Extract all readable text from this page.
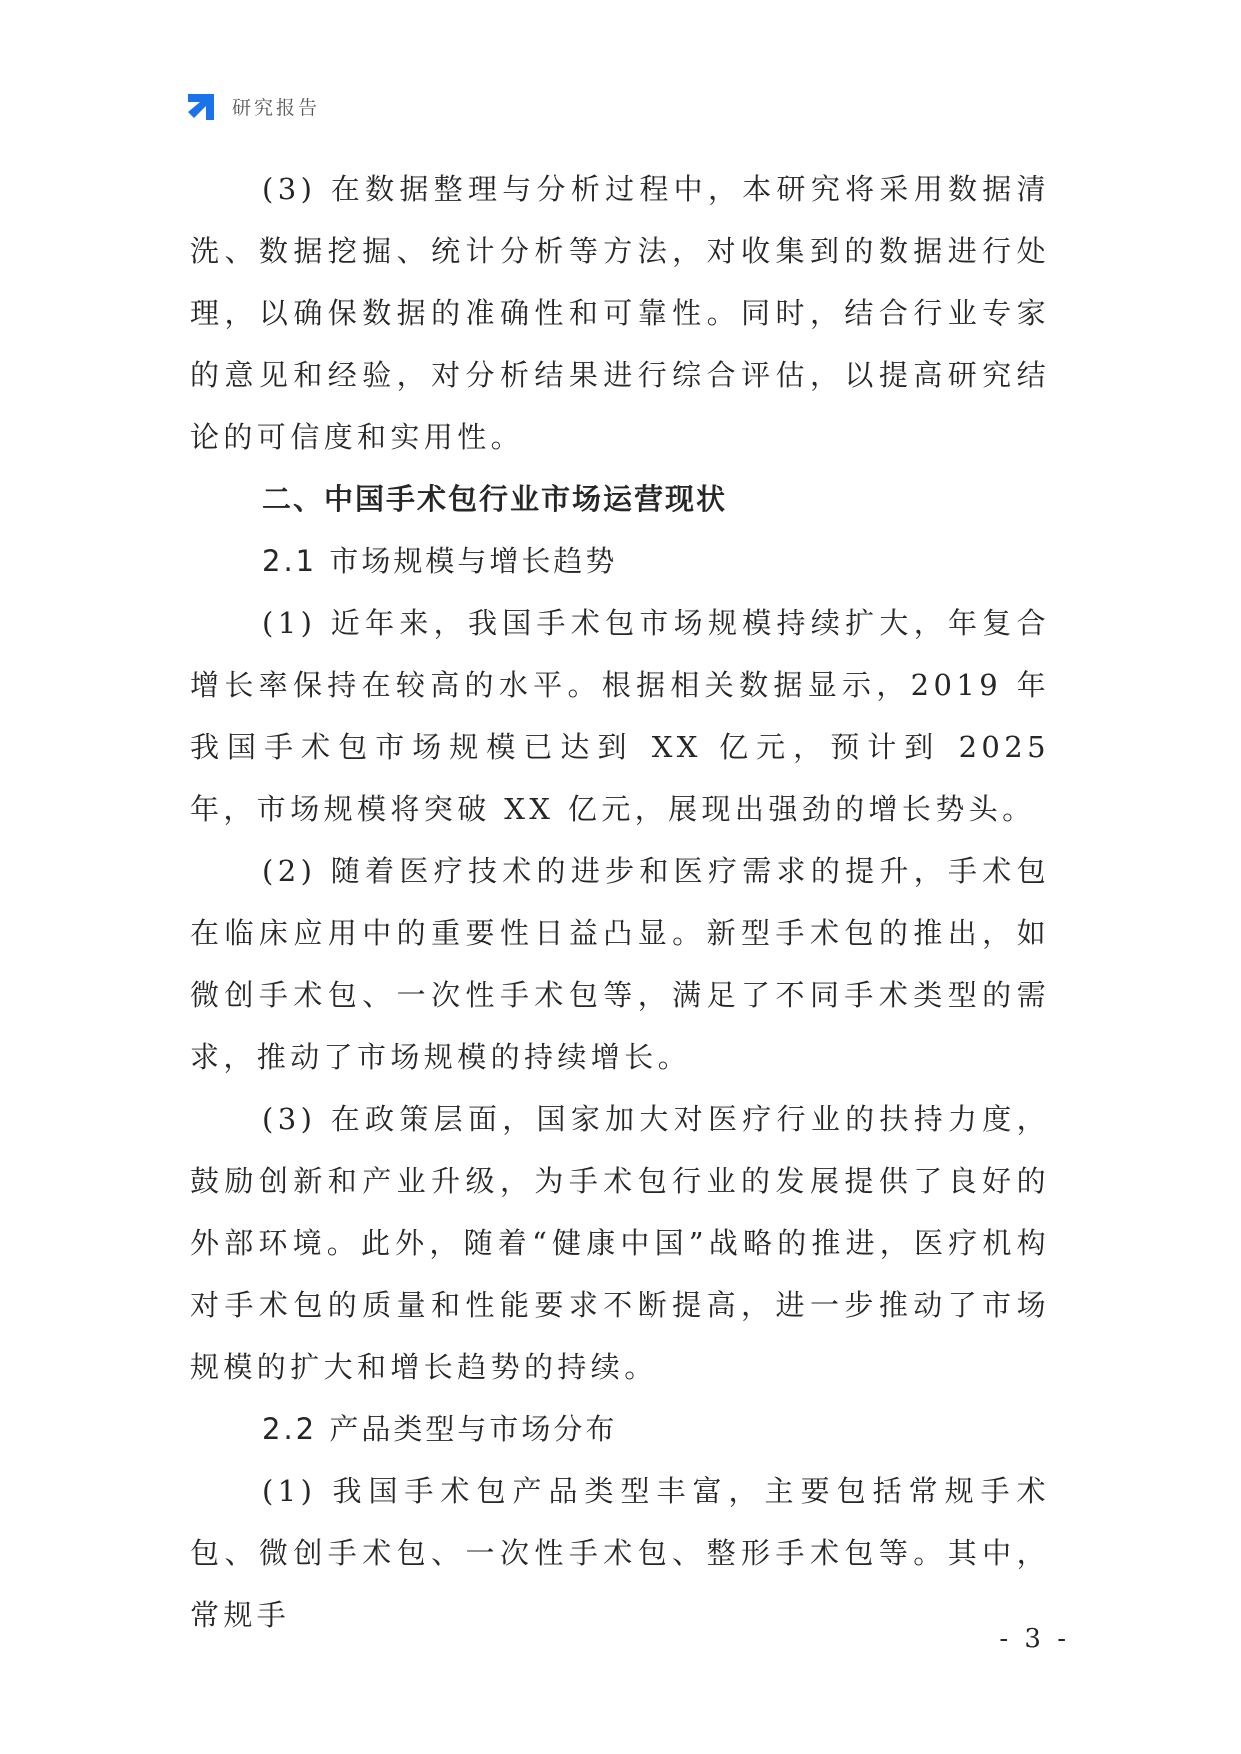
研究报告

(3) 在数据整理与分析过程中，本研究将采用数据清洗、数据挖掘、统计分析等方法，对收集到的数据进行处理，以确保数据的准确性和可靠性。同时，结合行业专家的意见和经验，对分析结果进行综合评估，以提高研究结论的可信度和实用性。

二、中国手术包行业市场运营现状

2.1 市场规模与增长趋势

(1) 近年来，我国手术包市场规模持续扩大，年复合增长率保持在较高的水平。根据相关数据显示，2019 年我国手术包市场规模已达到 XX 亿元，预计到 2025 年，市场规模将突破 XX 亿元，展现出强劲的增长势头。

(2) 随着医疗技术的进步和医疗需求的提升，手术包在临床应用中的重要性日益凸显。新型手术包的推出，如微创手术包、一次性手术包等，满足了不同手术类型的需求，推动了市场规模的持续增长。

(3) 在政策层面，国家加大对医疗行业的扶持力度，鼓励创新和产业升级，为手术包行业的发展提供了良好的外部环境。此外，随着“健康中国”战略的推进，医疗机构对手术包的质量和性能要求不断提高，进一步推动了市场规模的扩大和增长趋势的持续。

2.2 产品类型与市场分布

(1) 我国手术包产品类型丰富，主要包括常规手术包、微创手术包、一次性手术包、整形手术包等。其中，常规手

- 3 -
